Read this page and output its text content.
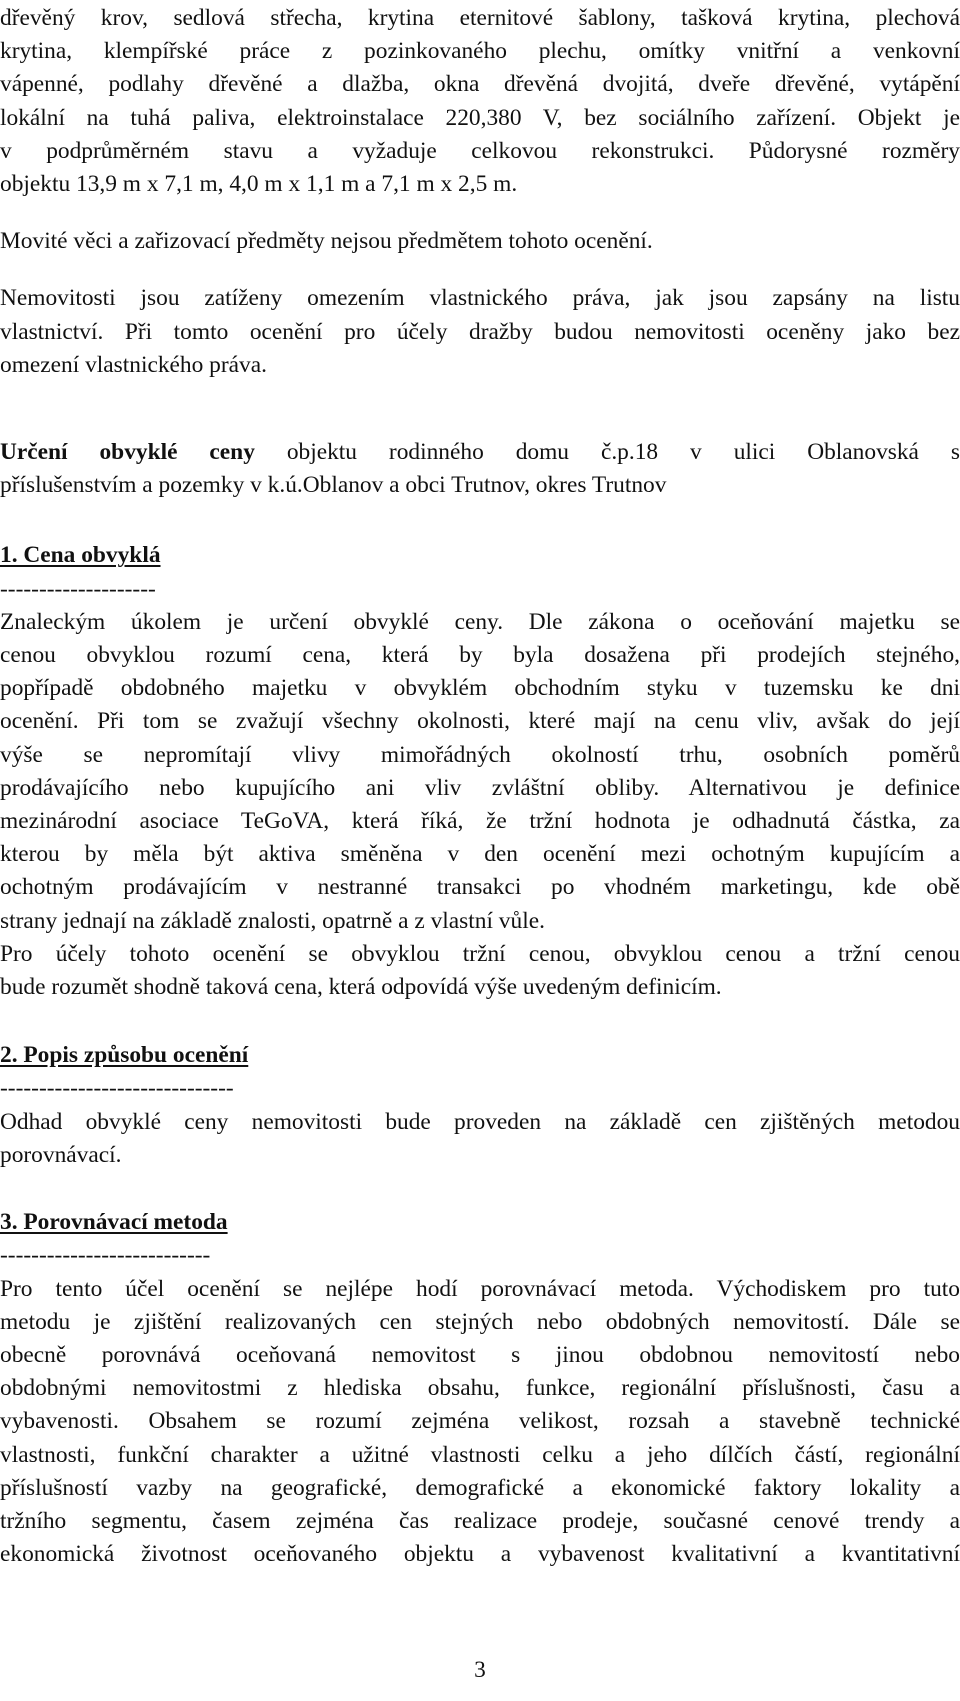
dřevěný krov, sedlová střecha, krytina eternitové šablony, tašková krytina, plechová

krytina, klempířské práce z pozinkovaného plechu, omítky vnitřní a venkovní

vápenné, podlahy dřevěné a dlažba, okna dřevěná dvojitá, dveře dřevěné, vytápění

lokální na tuhá paliva, elektroinstalace 220,380 V, bez sociálního zařízení. Objekt je

v podprůměrném stavu a vyžaduje celkovou rekonstrukci. Půdorysné rozměry

objektu 13,9 m x 7,1 m, 4,0 m x 1,1 m a 7,1 m x 2,5 m.

Movité věci a zařizovací předměty nejsou předmětem tohoto ocenění.

Nemovitosti jsou zatíženy omezením vlastnického práva, jak jsou zapsány na listu

vlastnictví. Při tomto ocenění pro účely dražby budou nemovitosti oceněny jako bez

omezení vlastnického práva.

Určení obvyklé ceny objektu rodinného domu č.p.18 v ulici Oblanovská s

příslušenstvím a pozemky v k.ú.Oblanov a obci Trutnov, okres Trutnov

1. Cena obvyklá

--------------------

Znaleckým úkolem je určení obvyklé ceny. Dle zákona o oceňování majetku se

cenou obvyklou rozumí cena, která by byla dosažena při prodejích stejného,

popřípadě obdobného majetku v obvyklém obchodním styku v tuzemsku ke dni

ocenění. Při tom se zvažují všechny okolnosti, které mají na cenu vliv, avšak do její

výše se nepromítají vlivy mimořádných okolností trhu, osobních poměrů

prodávajícího nebo kupujícího ani vliv zvláštní obliby. Alternativou je definice

mezinárodní asociace TeGoVA, která říká, že tržní hodnota je odhadnutá částka, za

kterou by měla být aktiva směněna v den ocenění mezi ochotným kupujícím a

ochotným prodávajícím v nestranné transakci po vhodném marketingu, kde obě

strany jednají na základě znalosti, opatrně a z vlastní vůle.

Pro účely tohoto ocenění se obvyklou tržní cenou, obvyklou cenou a tržní cenou

bude rozumět shodně taková cena, která odpovídá výše uvedeným definicím.

2. Popis způsobu ocenění

------------------------------

Odhad obvyklé ceny nemovitosti bude proveden na základě cen zjištěných metodou

porovnávací.

3. Porovnávací metoda

---------------------------

Pro tento účel ocenění se nejlépe hodí porovnávací metoda. Východiskem pro tuto

metodu je zjištění realizovaných cen stejných nebo obdobných nemovitostí. Dále se

obecně porovnává oceňovaná nemovitost s jinou obdobnou nemovitostí nebo

obdobnými nemovitostmi z hlediska obsahu, funkce, regionální příslušnosti, času a

vybavenosti. Obsahem se rozumí zejména velikost, rozsah a stavebně technické

vlastnosti, funkční charakter a užitné vlastnosti celku a jeho dílčích částí, regionální

příslušností vazby na geografické, demografické a ekonomické faktory lokality a

tržního segmentu, časem zejména čas realizace prodeje, současné cenové trendy a

ekonomická životnost oceňovaného objektu a vybavenost kvalitativní a kvantitativní

3
